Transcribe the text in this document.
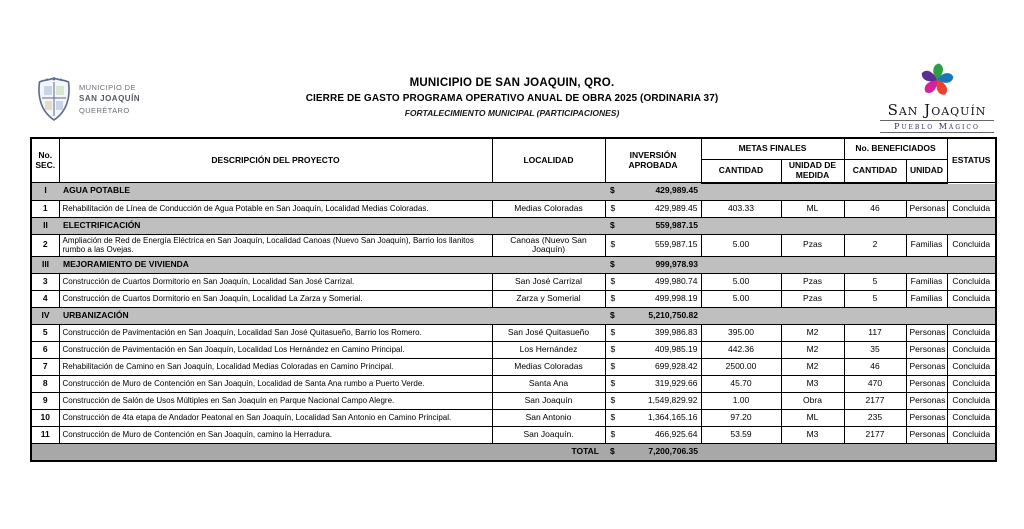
MUNICIPIO DE
SAN JOAQUÍN
QUERÉTARO
MUNICIPIO DE SAN JOAQUIN, QRO.
CIERRE DE GASTO PROGRAMA OPERATIVO ANUAL DE OBRA 2025 (ORDINARIA 37)
FORTALECIMIENTO MUNICIPAL (PARTICIPACIONES)	San Joaquín
Pueblo Mágico
No. SEC.	DESCRIPCIÓN DEL PROYECTO	LOCALIDAD	INVERSIÓN APROBADA	METAS FINALES		No. BENEFICIADOS		ESTATUS
				CANTIDAD	UNIDAD DE MEDIDA	CANTIDAD	UNIDAD	
I	AGUA POTABLE		$ 429,989.45					
1	Rehabilitación de Línea de Conducción de Agua Potable en San Joaquín, Localidad Medias Coloradas.	Medias Coloradas	$ 429,989.45	403.33	ML	46	Personas	Concluida
II	ELECTRIFICACIÓN		$ 559,987.15					
2	Ampliación de Red de Energía Eléctrica en San Joaquín, Localidad Canoas (Nuevo San Joaquín), Barrio los llanitos rumbo a las Ovejas.	Canoas (Nuevo San Joaquín)	$ 559,987.15	5.00	Pzas	2	Familias	Concluida
III	MEJORAMIENTO DE VIVIENDA		$ 999,978.93					
3	Construcción de Cuartos Dormitorio en San Joaquín, Localidad San José Carrizal.	San José Carrizal	$ 499,980.74	5.00	Pzas	5	Familias	Concluida
4	Construcción de Cuartos Dormitorio en San Joaquín, Localidad La Zarza y Somerial.	Zarza y Somerial	$ 499,998.19	5.00	Pzas	5	Familias	Concluida
IV	URBANIZACIÓN		$ 5,210,750.82					
5	Construcción de Pavimentación en San Joaquín, Localidad San José Quitasueño, Barrio los Romero.	San José Quitasueño	$ 399,986.83	395.00	M2	117	Personas	Concluida
6	Construcción de Pavimentación en San Joaquín, Localidad Los Hernández en Camino Principal.	Los Hernández	$ 409,985.19	442.36	M2	35	Personas	Concluida
7	Rehabilitación de Camino en San Joaquín, Localidad Medias Coloradas en Camino Principal.	Medias Coloradas	$ 699,928.42	2500.00	M2	46	Personas	Concluida
8	Construcción de Muro de Contención en San Joaquín, Localidad de Santa Ana rumbo a Puerto Verde.	Santa Ana	$ 319,929.66	45.70	M3	470	Personas	Concluida
9	Construcción de Salón de Usos Múltiples en San Joaquín en Parque Nacional Campo Alegre.	San Joaquín	$ 1,549,829.92	1.00	Obra	2177	Personas	Concluida
10	Construcción de 4ta etapa de Andador Peatonal en San Joaquín, Localidad San Antonio en Camino Principal.	San Antonio	$ 1,364,165.16	97.20	ML	235	Personas	Concluida
11	Construcción de Muro de Contención en San Joaquín, camino la Herradura.	San Joaquín.	$ 466,925.64	53.59	M3	2177	Personas	Concluida
TOTAL			$ 7,200,706.35					
